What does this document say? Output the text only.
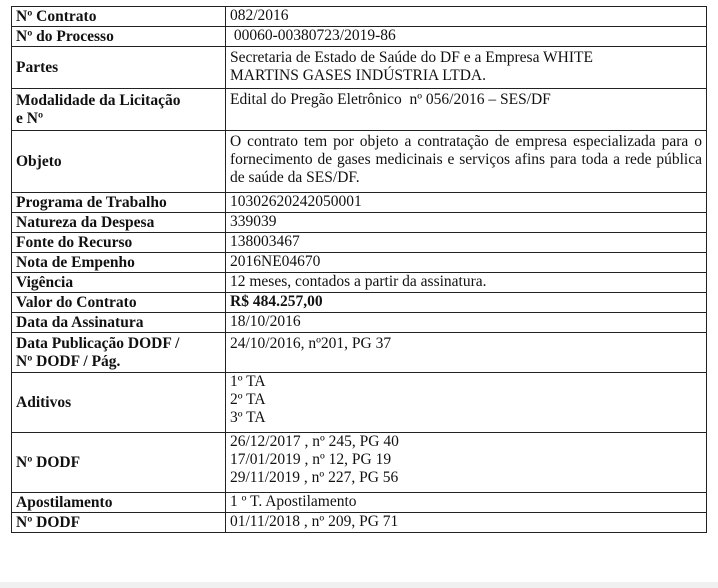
Nº Contrato	082/2016
Nº do Processo	00060-00380723/2019-86
Partes	Secretaria de Estado de Saúde do DF e a Empresa WHITE
MARTINS GASES INDÚSTRIA LTDA.

Modalidade da Licitação
e Nº	Edital do Pregão Eletrônico  nº 056/2016 – SES/DF
Objeto	O contrato tem por objeto a contratação de empresa especializada para o fornecimento de gases medicinais e serviços afins para toda a rede pública de saúde da SES/DF.
Programa de Trabalho	10302620242050001
Natureza da Despesa	339039
Fonte do Recurso	138003467
Nota de Empenho	2016NE04670
Vigência	12 meses, contados a partir da assinatura.
Valor do Contrato	R$ 484.257,00
Data da Assinatura	18/10/2016

Data Publicação DODF /
Nº DODF / Pág.	24/10/2016, nº201, PG 37
Aditivos	1º TA
2º TA
3º TA

Nº DODF	26/12/2017 , nº 245, PG 40
17/01/2019 , nº 12, PG 19
29/11/2019 , nº 227, PG 56

Apostilamento	1 º T. Apostilamento
Nº DODF	01/11/2018 , nº 209, PG 71
